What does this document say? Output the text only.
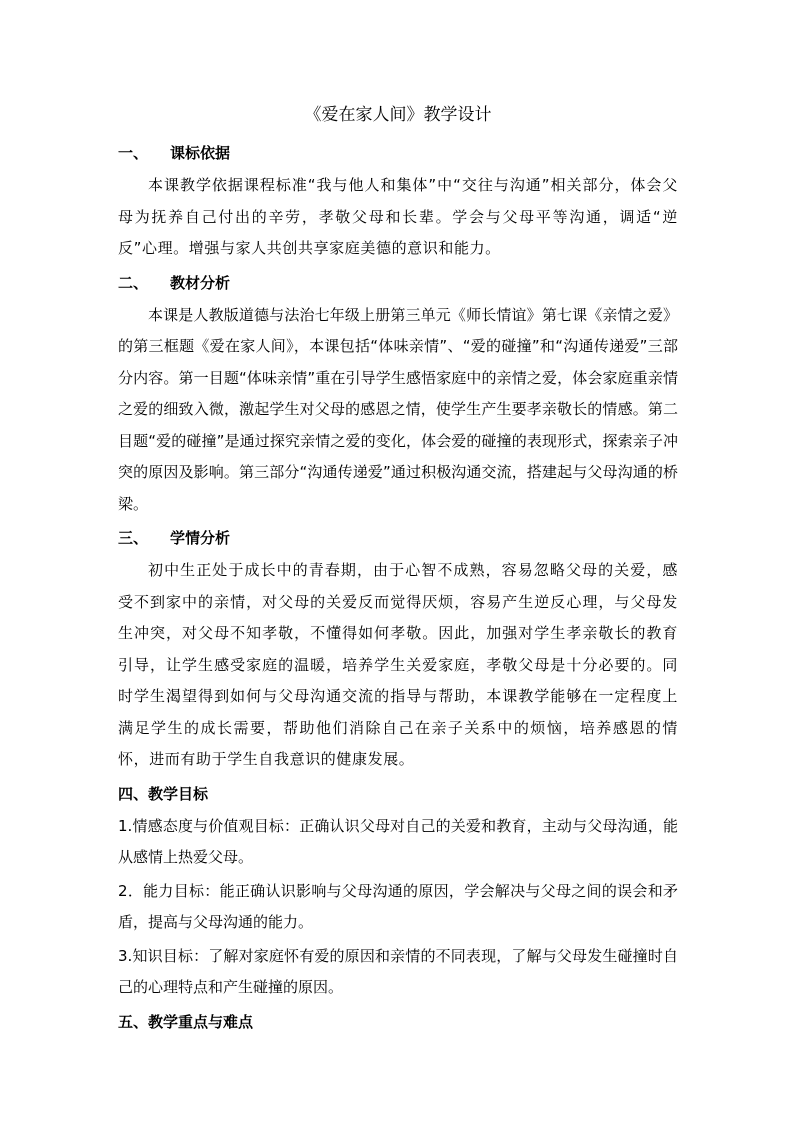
《爱在家人间》教学设计
一、 课标依据

本课教学依据课程标准“我与他人和集体”中“交往与沟通”相关部分，体会父母为抚养自己付出的辛劳，孝敬父母和长辈。学会与父母平等沟通，调适“逆反”心理。增强与家人共创共享家庭美德的意识和能力。

二、 教材分析

本课是人教版道德与法治七年级上册第三单元《师长情谊》第七课《亲情之爱》的第三框题《爱在家人间》，本课包括“体味亲情”、“爱的碰撞”和“沟通传递爱”三部分内容。第一目题“体味亲情”重在引导学生感悟家庭中的亲情之爱，体会家庭重亲情之爱的细致入微，激起学生对父母的感恩之情，使学生产生要孝亲敬长的情感。第二目题“爱的碰撞”是通过探究亲情之爱的变化，体会爱的碰撞的表现形式，探索亲子冲突的原因及影响。第三部分“沟通传递爱”通过积极沟通交流，搭建起与父母沟通的桥梁。

三、 学情分析

初中生正处于成长中的青春期，由于心智不成熟，容易忽略父母的关爱，感受不到家中的亲情，对父母的关爱反而觉得厌烦，容易产生逆反心理，与父母发生冲突，对父母不知孝敬，不懂得如何孝敬。因此，加强对学生孝亲敬长的教育引导，让学生感受家庭的温暖，培养学生关爱家庭，孝敬父母是十分必要的。同时学生渴望得到如何与父母沟通交流的指导与帮助，本课教学能够在一定程度上满足学生的成长需要，帮助他们消除自己在亲子关系中的烦恼，培养感恩的情怀，进而有助于学生自我意识的健康发展。

四、教学目标

1.情感态度与价值观目标：正确认识父母对自己的关爱和教育，主动与父母沟通，能从感情上热爱父母。

2．能力目标：能正确认识影响与父母沟通的原因，学会解决与父母之间的误会和矛盾，提高与父母沟通的能力。

3.知识目标：了解对家庭怀有爱的原因和亲情的不同表现，了解与父母发生碰撞时自己的心理特点和产生碰撞的原因。

五、教学重点与难点
